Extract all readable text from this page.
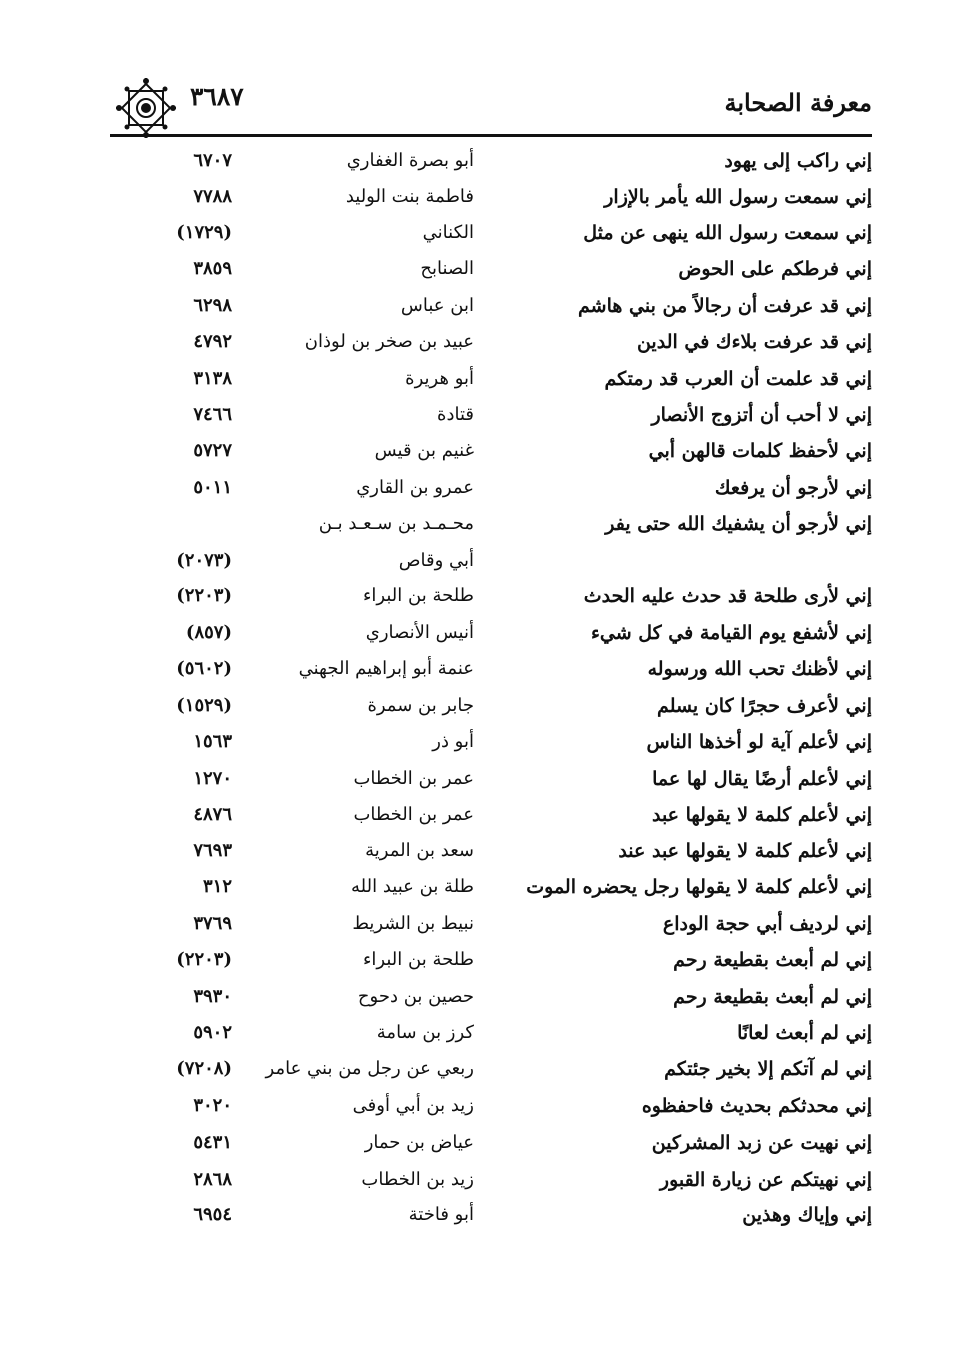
معرفة الصحابة
٣٦٨٧
إني راكب إلى يهود
أبو بصرة الغفاري
٦٧٠٧
إني سمعت رسول الله يأمر بالإزار
فاطمة بنت الوليد
٧٧٨٨
إني سمعت رسول الله ينهى عن مثل
الكناني
(١٧٢٩)
إني فرطكم على الحوض
الصنابح
٣٨٥٩
إني قد عرفت أن رجالاً من بني هاشم
ابن عباس
٦٢٩٨
إني قد عرفت بلاءك في الدين
عبيد بن صخر بن لوذان
٤٧٩٢
إني قد علمت أن العرب قد رمتكم
أبو هريرة
٣١٣٨
إني لا أحب أن أتزوج الأنصار
قتادة
٧٤٦٦
إني لأحفظ كلمات قالهن أبي
غنيم بن قيس
٥٧٢٧
إني لأرجو أن يرفعك
عمرو بن القاري
٥٠١١
إني لأرجو أن يشفيك الله حتى يفر
محـمـد بن سـعـد بـن
أبي وقاص
(٢٠٧٣)
إني لأرى طلحة قد حدث عليه الحدث
طلحة بن البراء
(٢٢٠٣)
إني لأشفع يوم القيامة في كل شيء
أنيس الأنصاري
(٨٥٧)
إني لأظنك تحب الله ورسوله
عنمة أبو إبراهيم الجهني
(٥٦٠٢)
إني لأعرف حجرًا كان يسلم
جابر بن سمرة
(١٥٢٩)
إني لأعلم آية لو أخذها الناس
أبو ذر
١٥٦٣
إني لأعلم أرضًا يقال لها عما
عمر بن الخطاب
١٢٧٠
إني لأعلم كلمة لا يقولها عبد
عمر بن الخطاب
٤٨٧٦
إني لأعلم كلمة لا يقولها عبد عند
سعد بن المرية
٧٦٩٣
إني لأعلم كلمة لا يقولها رجل يحضره الموت
طلة بن عبيد الله
٣١٢
إني لرديف أبي حجة الوداع
نبيط بن الشريط
٣٧٦٩
إني لم أبعث بقطيعة رحم
طلحة بن البراء
(٢٢٠٣)
إني لم أبعث بقطيعة رحم
حصين بن دحوح
٣٩٣٠
إني لم أبعث لعانًا
كرز بن سامة
٥٩٠٢
إني لم آتكم إلا بخير جئتكم
ربعي عن رجل من بني عامر
(٧٢٠٨)
إني محدثكم بحديث فاحفظوه
زيد بن أبي أوفى
٣٠٢٠
إني نهيت عن زبد المشركين
عياض بن حمار
٥٤٣١
إني نهيتكم عن زيارة القبور
زيد بن الخطاب
٢٨٦٨
إني وإياك وهذين
أبو فاختة
٦٩٥٤
